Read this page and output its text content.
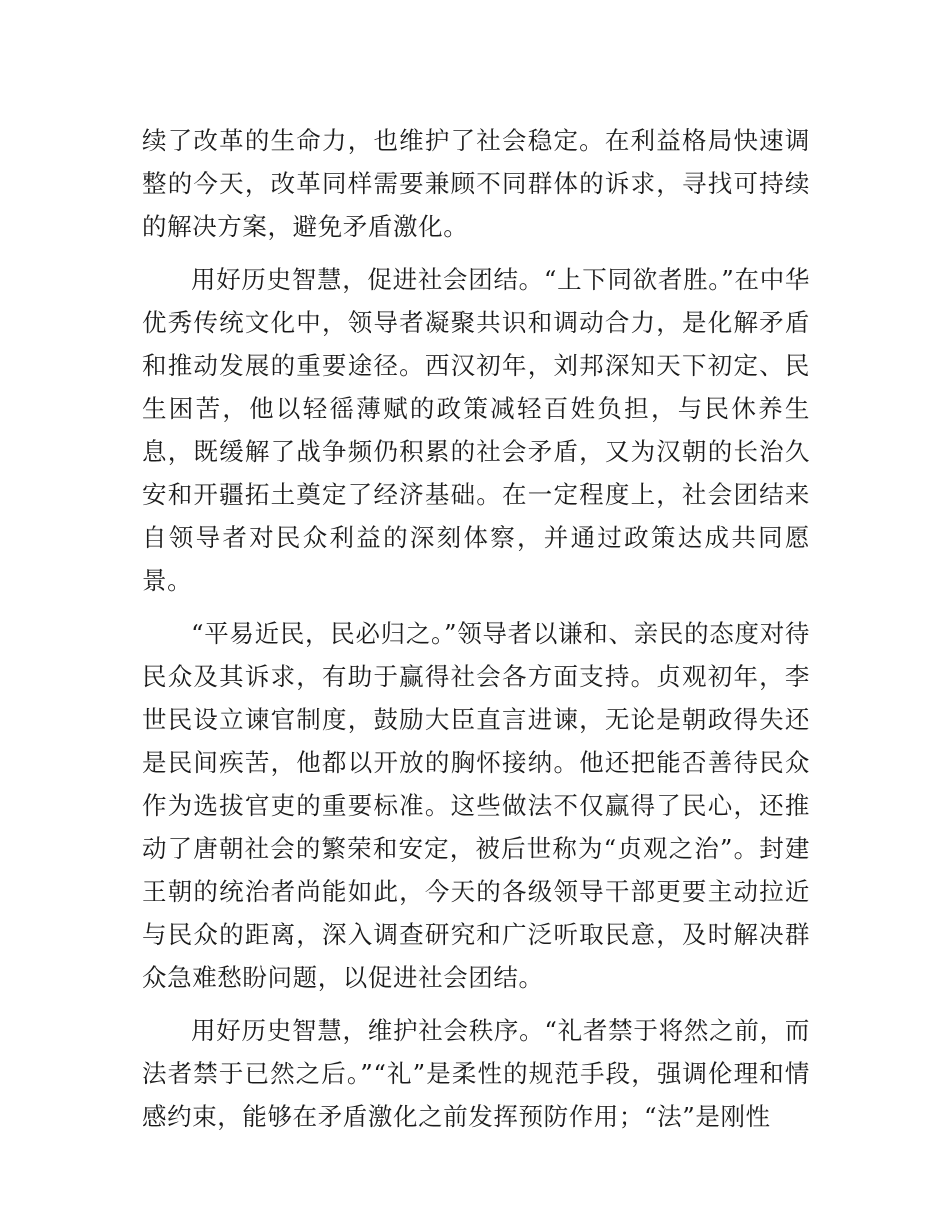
续了改革的生命力，也维护了社会稳定。在利益格局快速调整的今天，改革同样需要兼顾不同群体的诉求，寻找可持续的解决方案，避免矛盾激化。

用好历史智慧，促进社会团结。“上下同欲者胜。”在中华优秀传统文化中，领导者凝聚共识和调动合力，是化解矛盾和推动发展的重要途径。西汉初年，刘邦深知天下初定、民生困苦，他以轻徭薄赋的政策减轻百姓负担，与民休养生息，既缓解了战争频仍积累的社会矛盾，又为汉朝的长治久安和开疆拓土奠定了经济基础。在一定程度上，社会团结来自领导者对民众利益的深刻体察，并通过政策达成共同愿景。

“平易近民，民必归之。”领导者以谦和、亲民的态度对待民众及其诉求，有助于赢得社会各方面支持。贞观初年，李世民设立谏官制度，鼓励大臣直言进谏，无论是朝政得失还是民间疾苦，他都以开放的胸怀接纳。他还把能否善待民众作为选拔官吏的重要标准。这些做法不仅赢得了民心，还推动了唐朝社会的繁荣和安定，被后世称为“贞观之治”。封建王朝的统治者尚能如此，今天的各级领导干部更要主动拉近与民众的距离，深入调查研究和广泛听取民意，及时解决群众急难愁盼问题，以促进社会团结。

用好历史智慧，维护社会秩序。“礼者禁于将然之前，而法者禁于已然之后。”“礼”是柔性的规范手段，强调伦理和情感约束，能够在矛盾激化之前发挥预防作用；“法”是刚性
